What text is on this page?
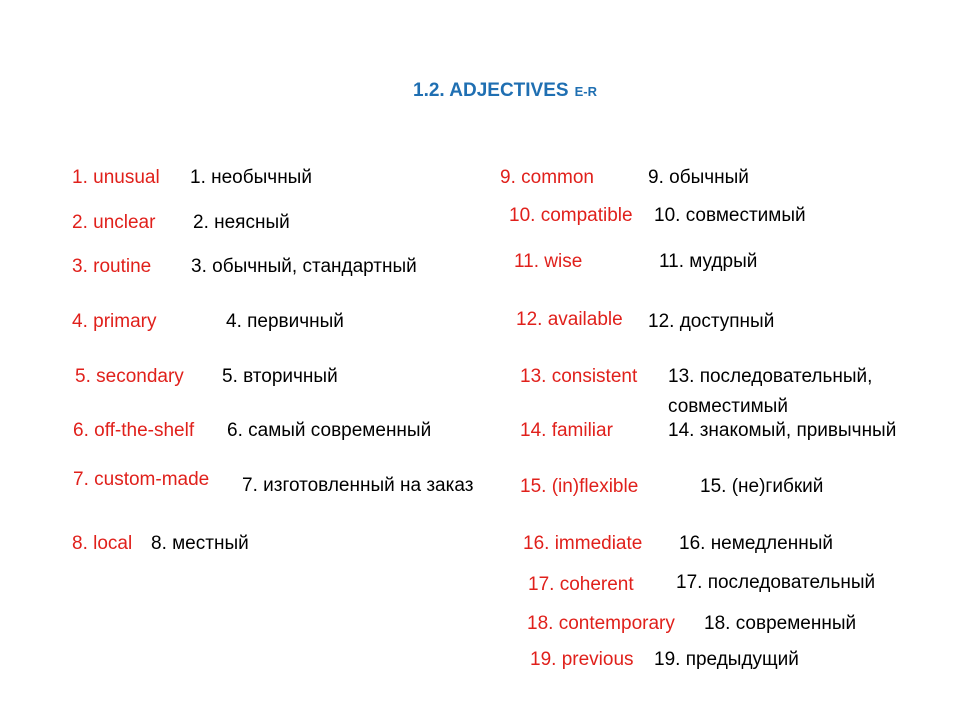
1.2. ADJECTIVES E-R
1. unusual 1. необычный
2. unclear 2. неясный
3. routine 3. обычный, стандартный
4. primary	4. первичный
5. secondary 5. вторичный
6. off-the-shelf 6. самый современный
7. custom-made 7. изготовленный на заказ
8. local 8. местный
9. common	9. обычный
10. compatible 10. совместимый
11. wise	11. мудрый
12. available 12. доступный
13. consistent 13. последовательный,
совместимый
14. familiar	14. знакомый, привычный
15. (in)flexible	15. (не)гибкий
16. immediate 16. немедленный
17. coherent 17. последовательный
18. contemporary 18. современный
19. previous 19. предыдущий
